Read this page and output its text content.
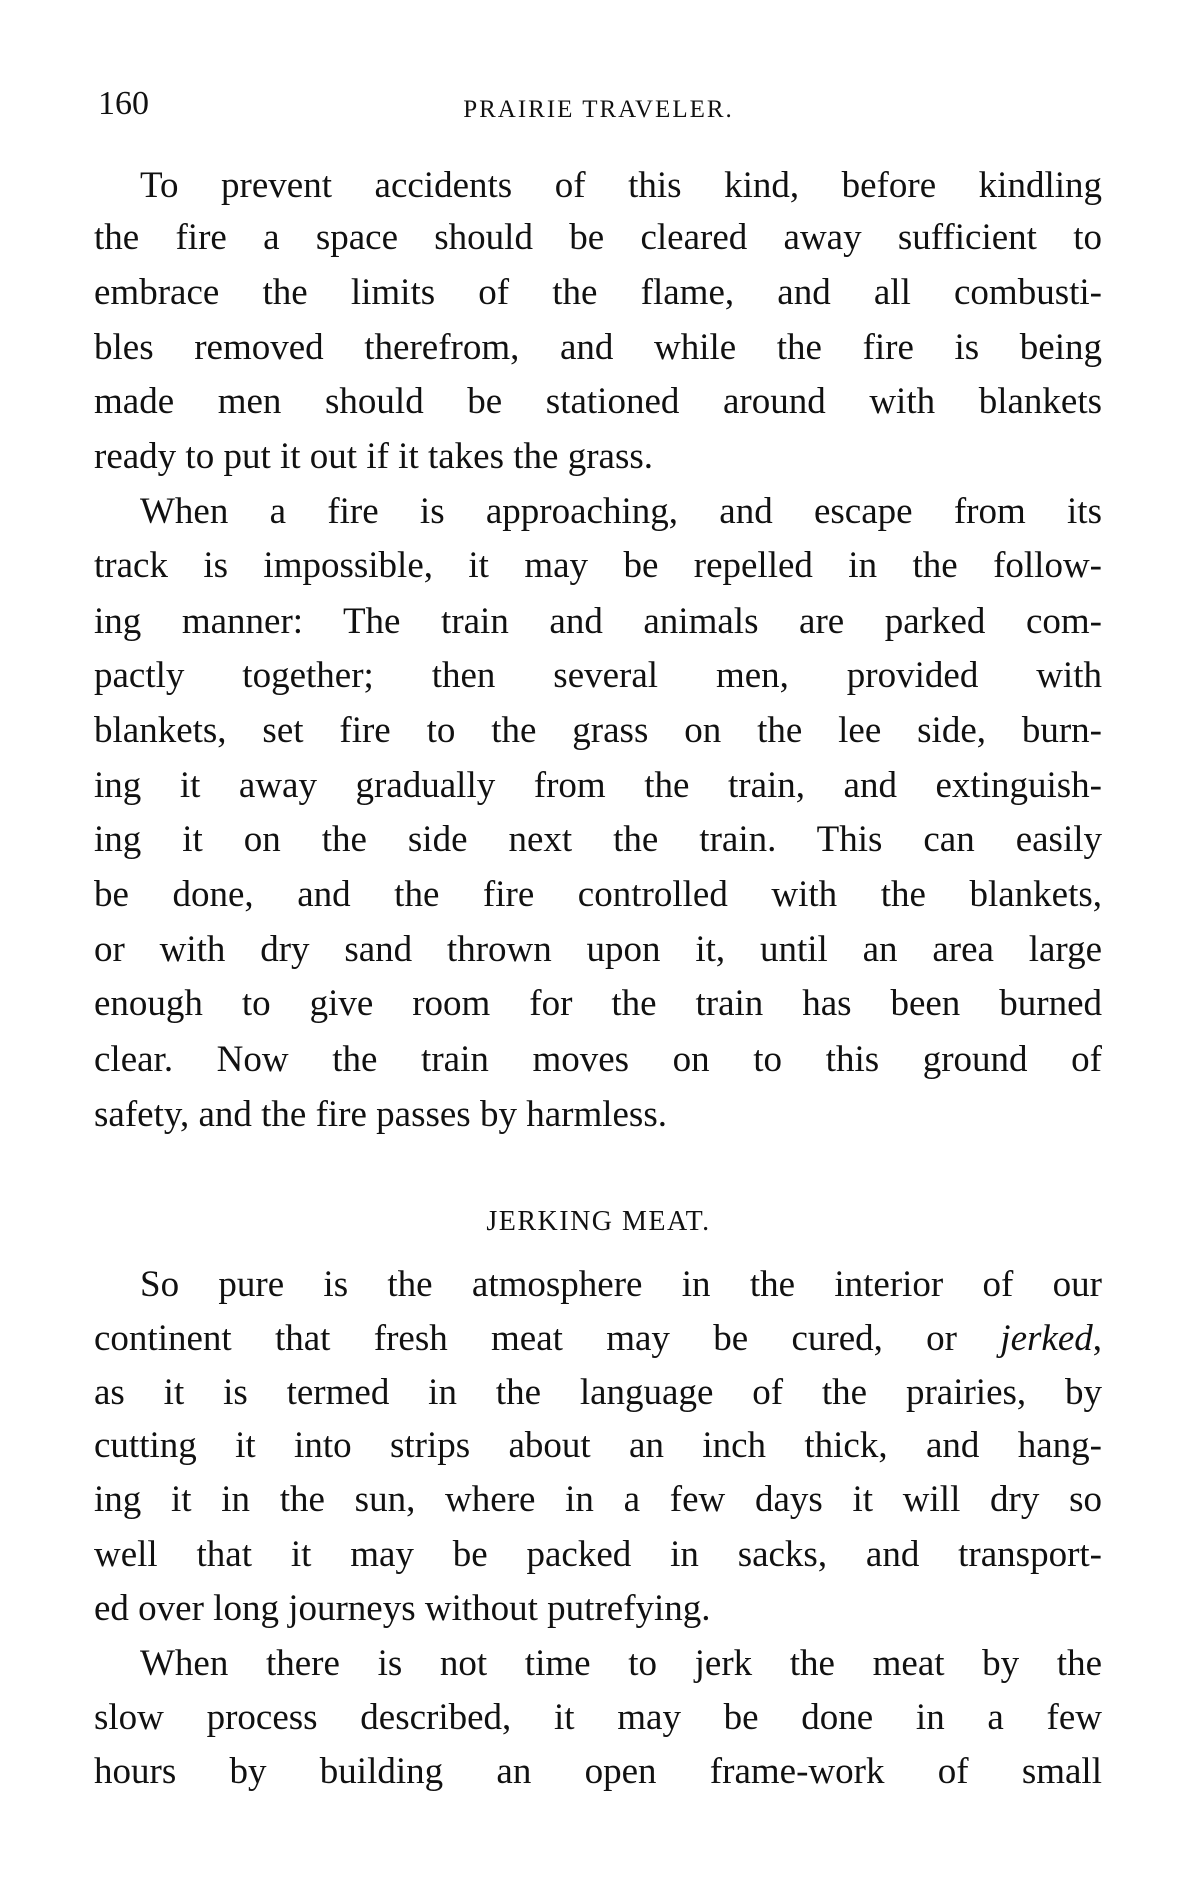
160	PRAIRIE TRAVELER.
To prevent accidents of this kind, before kindling
the fire a space should be cleared away sufficient to
embrace the limits of the flame, and all combusti-
bles removed therefrom, and while the fire is being
made men should be stationed around with blankets
ready to put it out if it takes the grass.
When a fire is approaching, and escape from its
track is impossible, it may be repelled in the follow-
ing manner: The train and animals are parked com-
pactly together; then several men, provided with
blankets, set fire to the grass on the lee side, burn-
ing it away gradually from the train, and extinguish-
ing it on the side next the train. This can easily
be done, and the fire controlled with the blankets,
or with dry sand thrown upon it, until an area large
enough to give room for the train has been burned
clear. Now the train moves on to this ground of
safety, and the fire passes by harmless.
JERKING MEAT.
So pure is the atmosphere in the interior of our
continent that fresh meat may be cured, or jerked,
as it is termed in the language of the prairies, by
cutting it into strips about an inch thick, and hang-
ing it in the sun, where in a few days it will dry so
well that it may be packed in sacks, and transport-
ed over long journeys without putrefying.
When there is not time to jerk the meat by the
slow process described, it may be done in a few
hours by building an open frame-work of small
